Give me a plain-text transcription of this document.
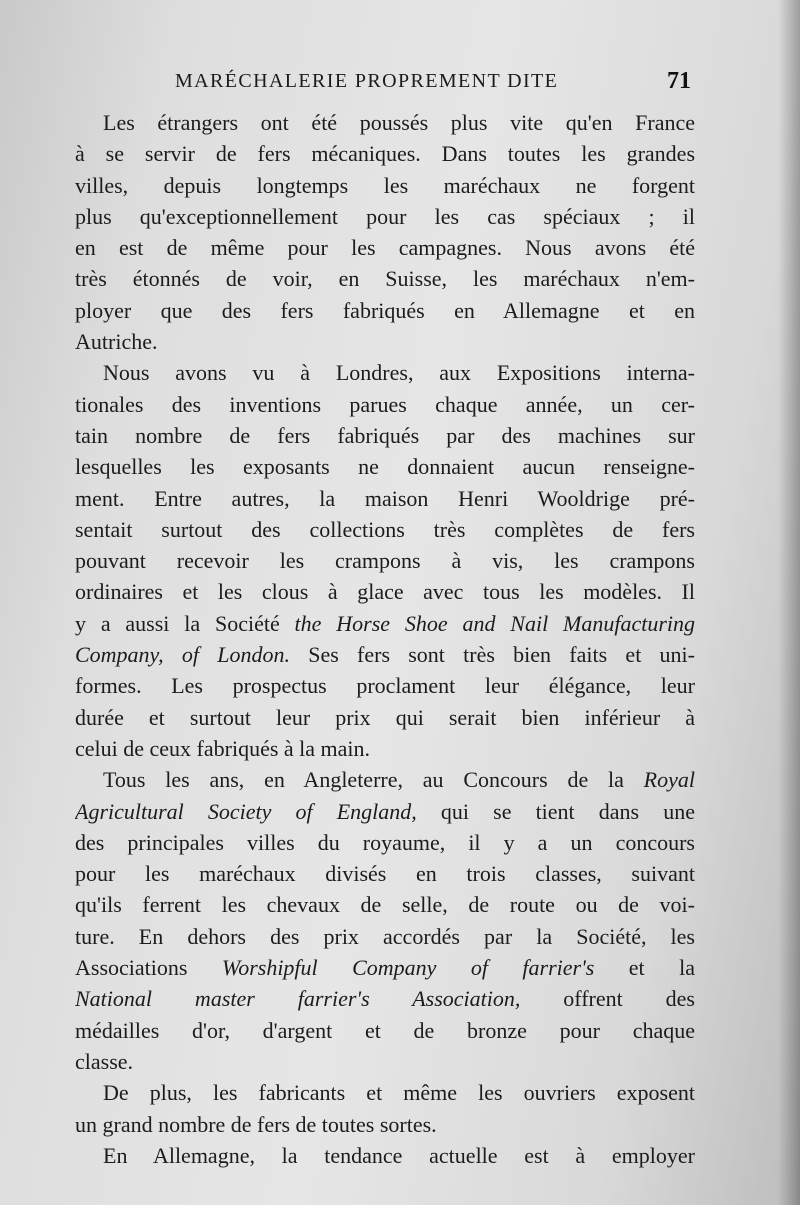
MARÉCHALERIE PROPREMENT DITE	71
Les étrangers ont été poussés plus vite qu'en France
à se servir de fers mécaniques. Dans toutes les grandes
villes, depuis longtemps les maréchaux ne forgent
plus qu'exceptionnellement pour les cas spéciaux ; il
en est de même pour les campagnes. Nous avons été
très étonnés de voir, en Suisse, les maréchaux n'em-
ployer que des fers fabriqués en Allemagne et en
Autriche.
Nous avons vu à Londres, aux Expositions interna-
tionales des inventions parues chaque année, un cer-
tain nombre de fers fabriqués par des machines sur
lesquelles les exposants ne donnaient aucun renseigne-
ment. Entre autres, la maison Henri Wooldrige pré-
sentait surtout des collections très complètes de fers
pouvant recevoir les crampons à vis, les crampons
ordinaires et les clous à glace avec tous les modèles. Il
y a aussi la Société the Horse Shoe and Nail Manufacturing
Company, of London. Ses fers sont très bien faits et uni-
formes. Les prospectus proclament leur élégance, leur
durée et surtout leur prix qui serait bien inférieur à
celui de ceux fabriqués à la main.
Tous les ans, en Angleterre, au Concours de la Royal
Agricultural Society of England, qui se tient dans une
des principales villes du royaume, il y a un concours
pour les maréchaux divisés en trois classes, suivant
qu'ils ferrent les chevaux de selle, de route ou de voi-
ture. En dehors des prix accordés par la Société, les
Associations Worshipful Company of farrier's et la
National master farrier's Association, offrent des
médailles d'or, d'argent et de bronze pour chaque
classe.
De plus, les fabricants et même les ouvriers exposent
un grand nombre de fers de toutes sortes.
En Allemagne, la tendance actuelle est à employer
